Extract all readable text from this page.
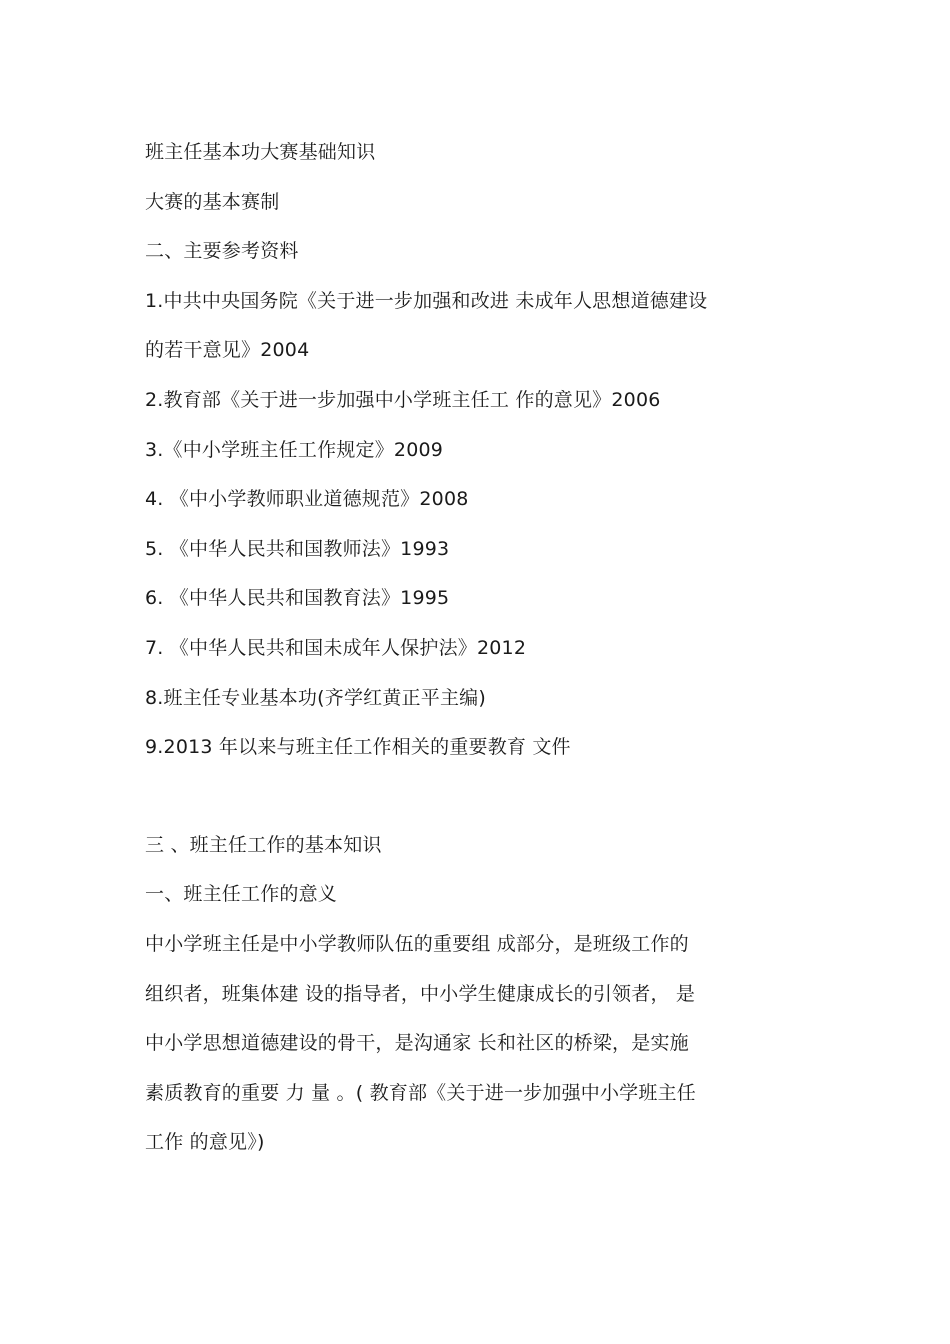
班主任基本功大赛基础知识
大赛的基本赛制
二、主要参考资料
1.中共中央国务院《关于进一步加强和改进 未成年人思想道德建设
的若干意见》2004
2.教育部《关于进一步加强中小学班主任工 作的意见》2006
3.《中小学班主任工作规定》2009
4. 《中小学教师职业道德规范》2008
5. 《中华人民共和国教师法》1993
6. 《中华人民共和国教育法》1995
7. 《中华人民共和国未成年人保护法》2012
8.班主任专业基本功(齐学红黄正平主编)
9.2013 年以来与班主任工作相关的重要教育 文件
三 、班主任工作的基本知识
一、班主任工作的意义
中小学班主任是中小学教师队伍的重要组 成部分，是班级工作的
组织者，班集体建 设的指导者，中小学生健康成长的引领者， 是
中小学思想道德建设的骨干，是沟通家 长和社区的桥梁，是实施
素质教育的重要 力 量 。( 教育部《关于进一步加强中小学班主任
工作 的意见》)
